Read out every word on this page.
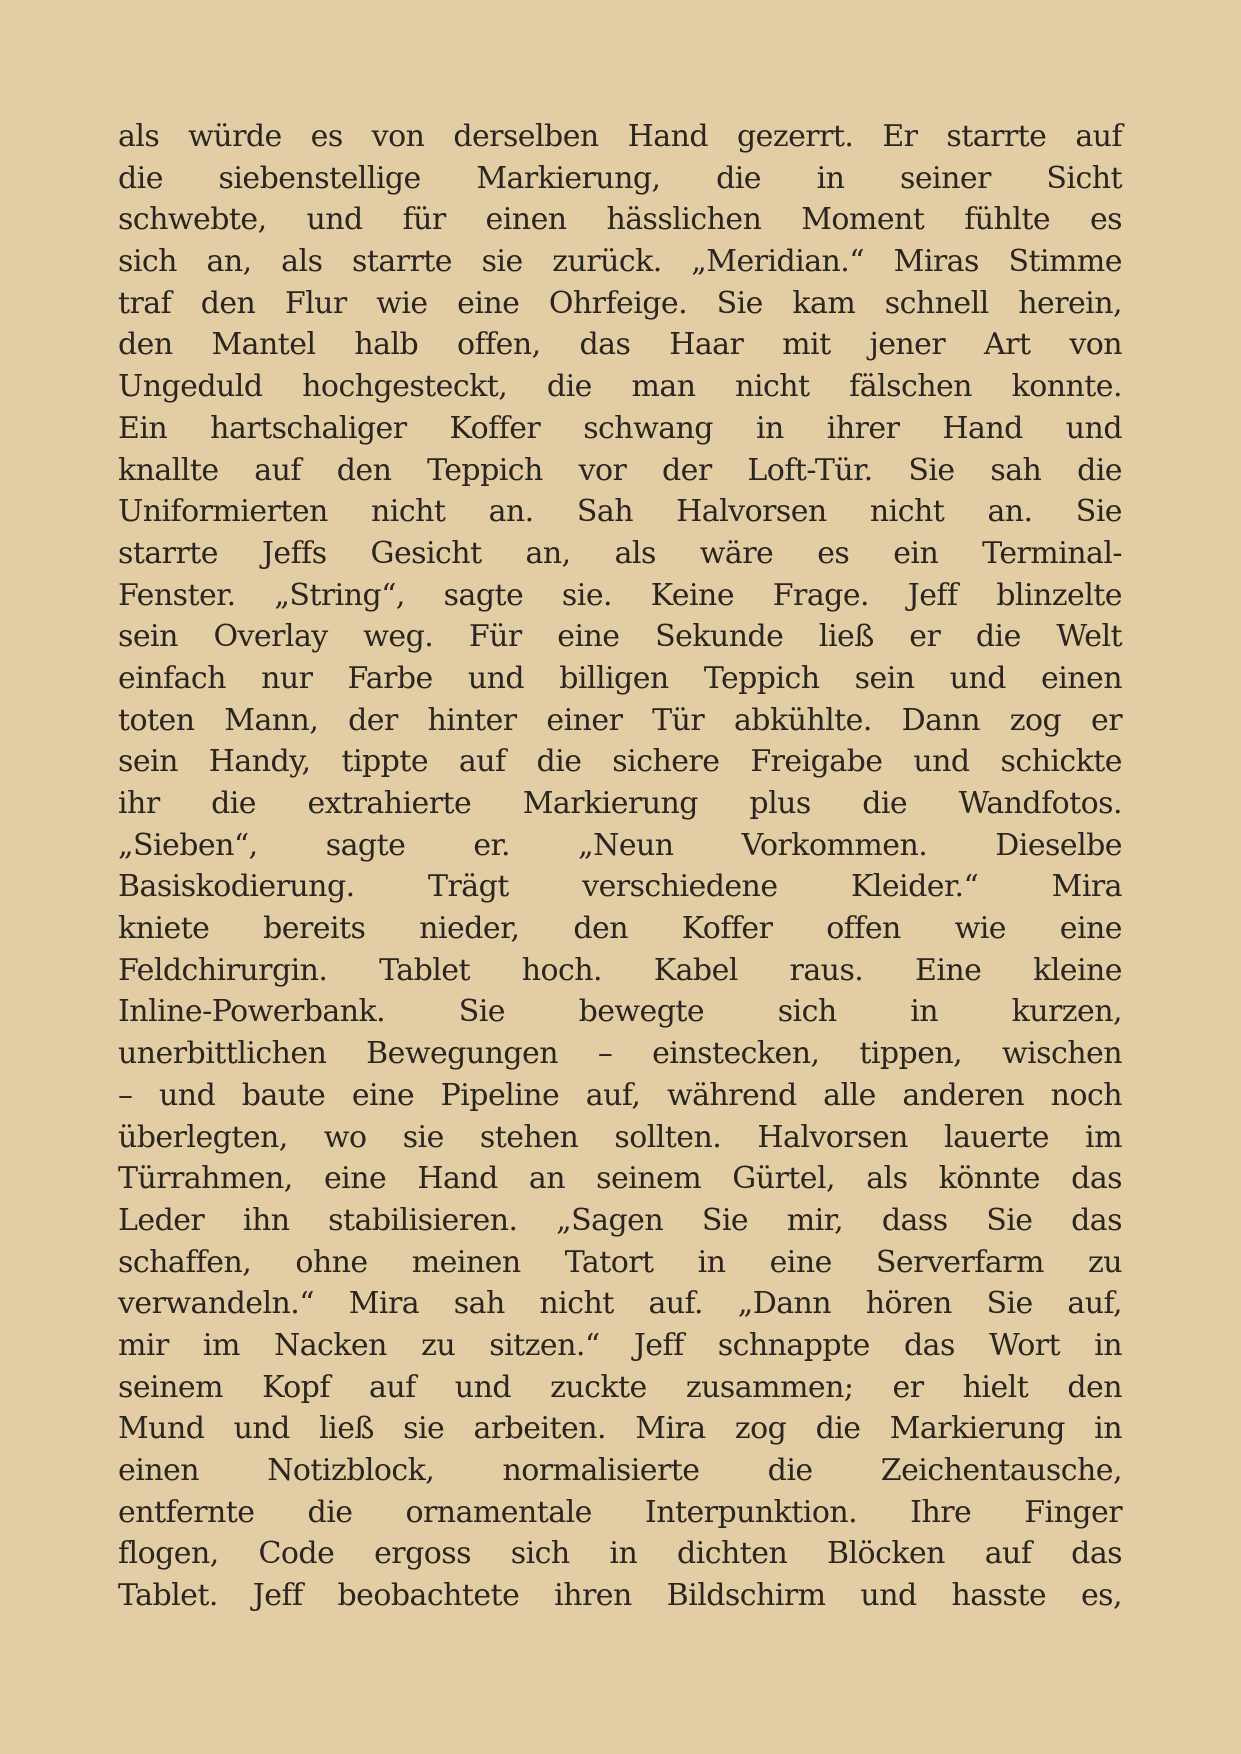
als würde es von derselben Hand gezerrt. Er starrte auf
die siebenstellige Markierung, die in seiner Sicht
schwebte, und für einen hässlichen Moment fühlte es
sich an, als starrte sie zurück. „Meridian.“ Miras Stimme
traf den Flur wie eine Ohrfeige. Sie kam schnell herein,
den Mantel halb offen, das Haar mit jener Art von
Ungeduld hochgesteckt, die man nicht fälschen konnte.
Ein hartschaliger Koffer schwang in ihrer Hand und
knallte auf den Teppich vor der Loft-Tür. Sie sah die
Uniformierten nicht an. Sah Halvorsen nicht an. Sie
starrte Jeffs Gesicht an, als wäre es ein Terminal-
Fenster. „String“, sagte sie. Keine Frage. Jeff blinzelte
sein Overlay weg. Für eine Sekunde ließ er die Welt
einfach nur Farbe und billigen Teppich sein und einen
toten Mann, der hinter einer Tür abkühlte. Dann zog er
sein Handy, tippte auf die sichere Freigabe und schickte
ihr die extrahierte Markierung plus die Wandfotos.
„Sieben“, sagte er. „Neun Vorkommen. Dieselbe
Basiskodierung. Trägt verschiedene Kleider.“ Mira
kniete bereits nieder, den Koffer offen wie eine
Feldchirurgin. Tablet hoch. Kabel raus. Eine kleine
Inline-Powerbank. Sie bewegte sich in kurzen,
unerbittlichen Bewegungen – einstecken, tippen, wischen
– und baute eine Pipeline auf, während alle anderen noch
überlegten, wo sie stehen sollten. Halvorsen lauerte im
Türrahmen, eine Hand an seinem Gürtel, als könnte das
Leder ihn stabilisieren. „Sagen Sie mir, dass Sie das
schaffen, ohne meinen Tatort in eine Serverfarm zu
verwandeln.“ Mira sah nicht auf. „Dann hören Sie auf,
mir im Nacken zu sitzen.“ Jeff schnappte das Wort in
seinem Kopf auf und zuckte zusammen; er hielt den
Mund und ließ sie arbeiten. Mira zog die Markierung in
einen Notizblock, normalisierte die Zeichentausche,
entfernte die ornamentale Interpunktion. Ihre Finger
flogen, Code ergoss sich in dichten Blöcken auf das
Tablet. Jeff beobachtete ihren Bildschirm und hasste es,
